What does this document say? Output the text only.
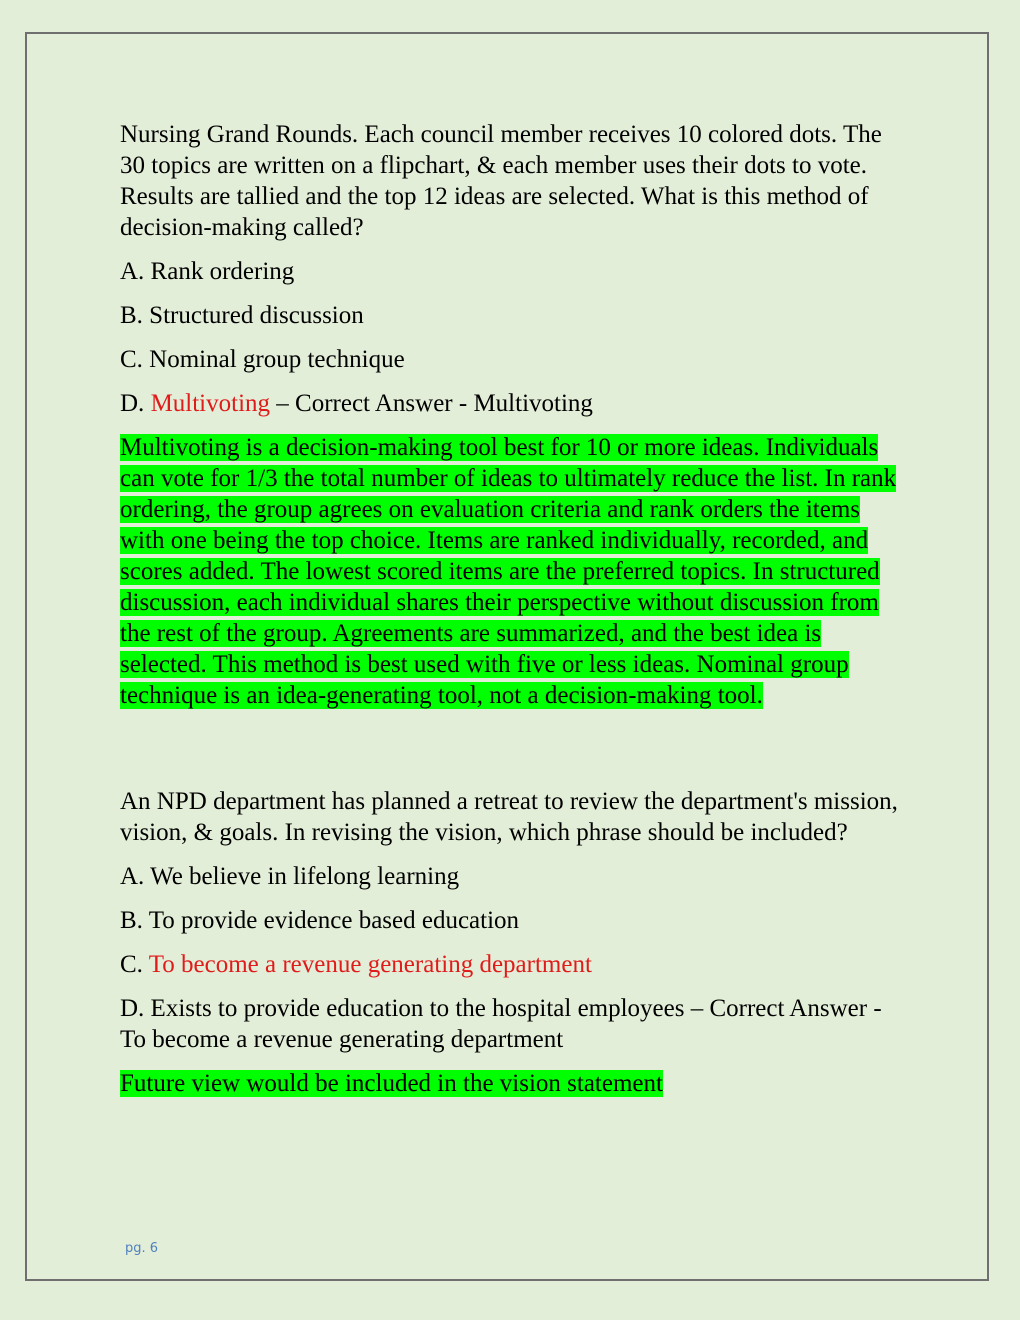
Nursing Grand Rounds. Each council member receives 10 colored dots. The 30 topics are written on a flipchart, & each member uses their dots to vote. Results are tallied and the top 12 ideas are selected. What is this method of decision-making called?

A. Rank ordering

B. Structured discussion

C. Nominal group technique

D. Multivoting – Correct Answer - Multivoting

Multivoting is a decision-making tool best for 10 or more ideas. Individuals can vote for 1/3 the total number of ideas to ultimately reduce the list. In rank ordering, the group agrees on evaluation criteria and rank orders the items with one being the top choice. Items are ranked individually, recorded, and scores added. The lowest scored items are the preferred topics. In structured discussion, each individual shares their perspective without discussion from the rest of the group. Agreements are summarized, and the best idea is selected. This method is best used with five or less ideas. Nominal group technique is an idea-generating tool, not a decision-making tool.

An NPD department has planned a retreat to review the department's mission, vision, & goals. In revising the vision, which phrase should be included?

A. We believe in lifelong learning

B. To provide evidence based education

C. To become a revenue generating department

D. Exists to provide education to the hospital employees – Correct Answer - To become a revenue generating department

Future view would be included in the vision statement

pg. 6
